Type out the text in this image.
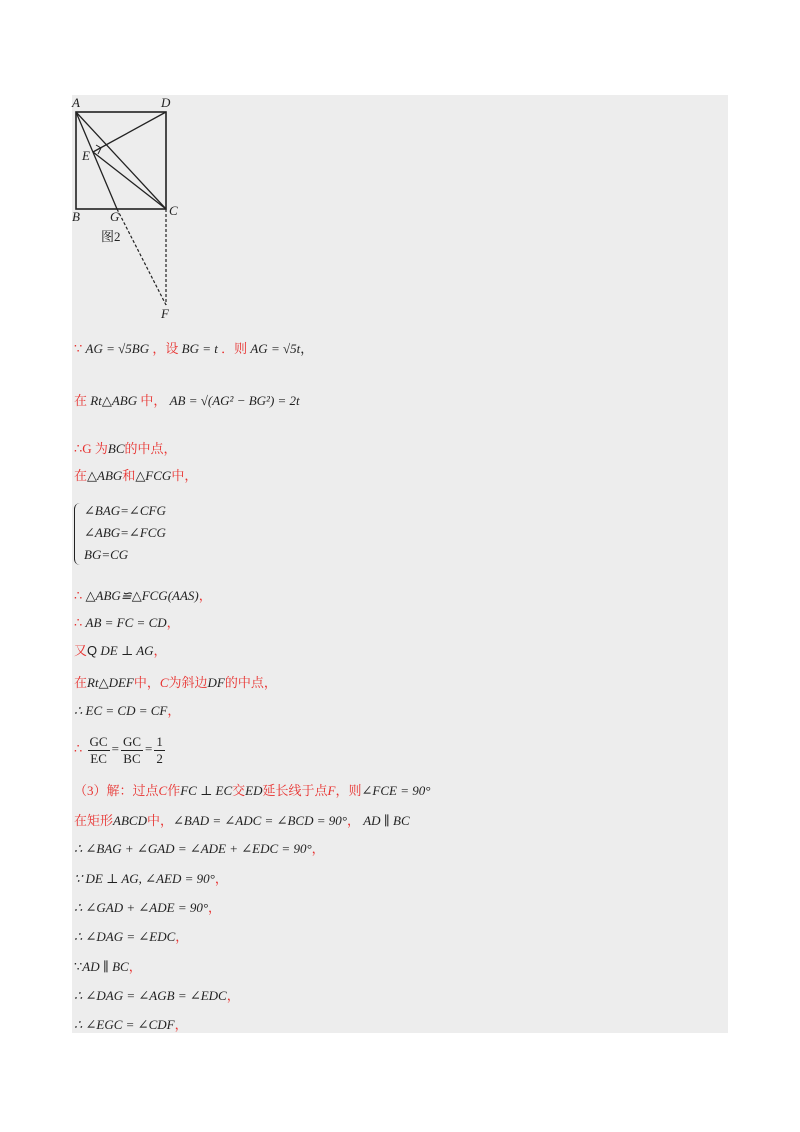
A	D
E
B G	C
图2
F
∵ AG = √5BG ，设 BG = t ．则 AG = √5t，
在 Rt△ABG 中， AB = √(AG² − BG²) = 2t
∴G 为BC的中点，
在△ABG和△FCG中，
∠BAG=∠CFG
∠ABG=∠FCG
BG=CG
∴ △ABG≌△FCG(AAS)，
∴ AB = FC = CD，
又Q DE ⊥ AG，
在Rt△DEF中，C为斜边DF的中点，
∴ EC = CD = CF，
∴ $\frac{GC}{EC} = \frac{GC}{BC} = \frac{1}{2}$
（3）解：过点C作FC ⊥ EC交ED延长线于点F，则∠FCE = 90°
在矩形ABCD中，∠BAD = ∠ADC = ∠BCD = 90°， AD ∥ BC
∴ ∠BAG + ∠GAD = ∠ADE + ∠EDC = 90°，
∵ DE ⊥ AG, ∠AED = 90°，
∴ ∠GAD + ∠ADE = 90°，
∴ ∠DAG = ∠EDC，
∵AD ∥ BC，
∴ ∠DAG = ∠AGB = ∠EDC，
∴ ∠EGC = ∠CDF，
